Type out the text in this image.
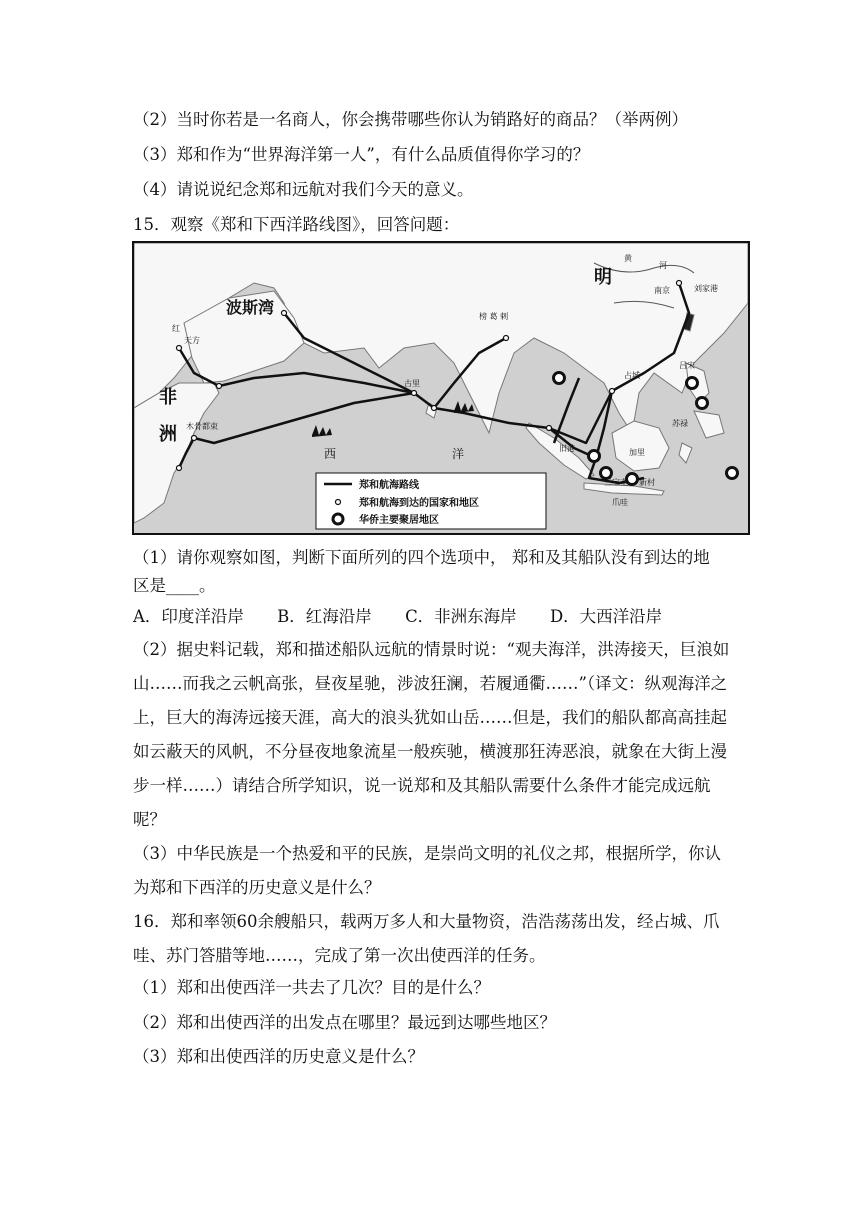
（2）当时你若是一名商人，你会携带哪些你认为销路好的商品？（举两例）
（3）郑和作为“世界海洋第一人”，有什么品质值得你学习的？
（4）请说说纪念郑和远航对我们今天的意义。
15．观察《郑和下西洋路线图》，回答问题：
明
波斯湾
非
洲
西	洋
南京	刘家港
红
天方
木骨都束
古里
榜 葛 剌
占城
吕宋
苏禄
旧港
三宝垄 新村
爪哇
加里
黄
河
郑和航海路线
郑和航海到达的国家和地区
华侨主要聚居地区
（1）请你观察如图，判断下面所列的四个选项中， 郑和及其船队没有到达的地
区是____。
A．印度洋沿岸 B．红海沿岸 C．非洲东海岸 D．大西洋沿岸
（2）据史料记载，郑和描述船队远航的情景时说：“观夫海洋，洪涛接天，巨浪如山……而我之云帆高张，昼夜星驰，涉波狂澜，若履通衢……”（译文：纵观海洋之上，巨大的海涛远接天涯，高大的浪头犹如山岳……但是，我们的船队都高高挂起如云蔽天的风帆，不分昼夜地象流星一般疾驰，横渡那狂涛恶浪，就象在大街上漫步一样……）请结合所学知识，说一说郑和及其船队需要什么条件才能完成远航呢？
（3）中华民族是一个热爱和平的民族，是崇尚文明的礼仪之邦，根据所学，你认为郑和下西洋的历史意义是什么？
16．郑和率领60余艘船只，载两万多人和大量物资，浩浩荡荡出发，经占城、爪哇、苏门答腊等地……，完成了第一次出使西洋的任务。
（1）郑和出使西洋一共去了几次？目的是什么？
（2）郑和出使西洋的出发点在哪里？最远到达哪些地区？
（3）郑和出使西洋的历史意义是什么？
